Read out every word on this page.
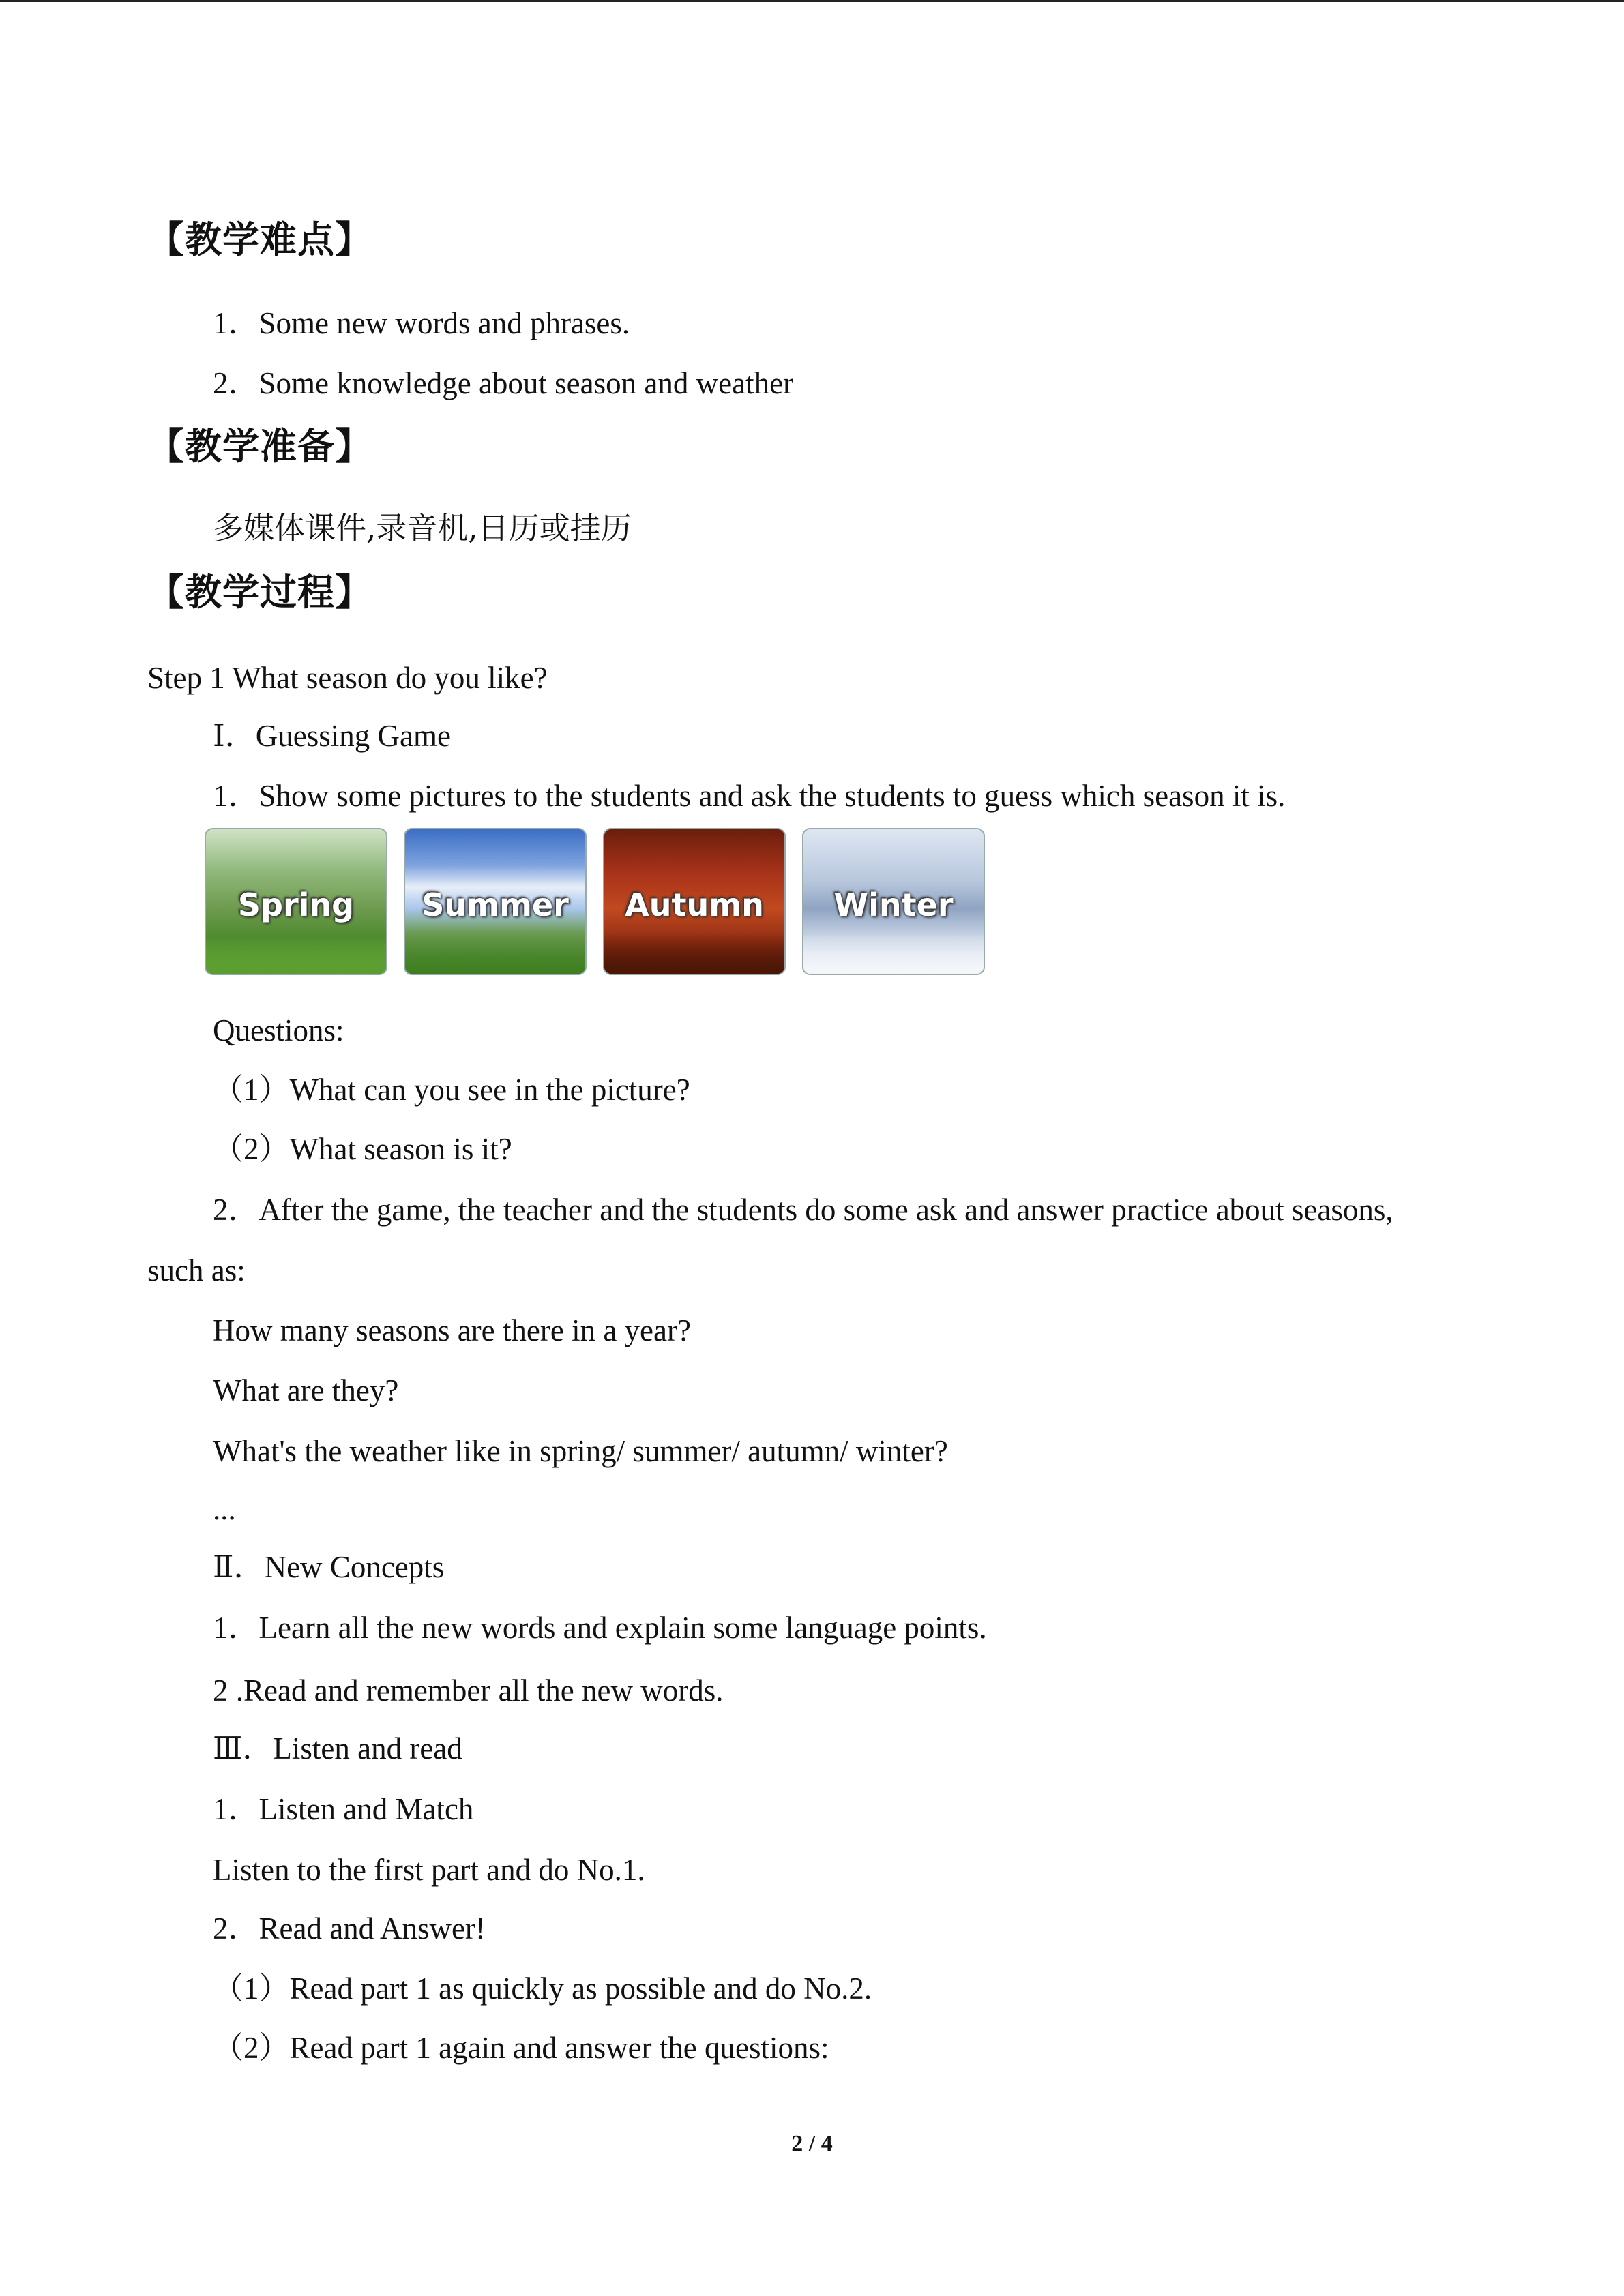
【教学难点】
1．Some new words and phrases.
2．Some knowledge about season and weather
【教学准备】
多媒体课件,录音机,日历或挂历
【教学过程】
Step 1 What season do you like?
Ⅰ．Guessing Game
1．Show some pictures to the students and ask the students to guess which season it is.
Spring	Summer	Autumn	Winter
Questions:
（1）What can you see in the picture?
（2）What season is it?
2．After the game, the teacher and the students do some ask and answer practice about seasons,
such as:
How many seasons are there in a year?
What are they?
What's the weather like in spring/ summer/ autumn/ winter?
...
Ⅱ．New Concepts
1．Learn all the new words and explain some language points.
2 .Read and remember all the new words.
Ⅲ．Listen and read
1．Listen and Match
Listen to the first part and do No.1.
2．Read and Answer!
（1）Read part 1 as quickly as possible and do No.2.
（2）Read part 1 again and answer the questions:
2 / 4
